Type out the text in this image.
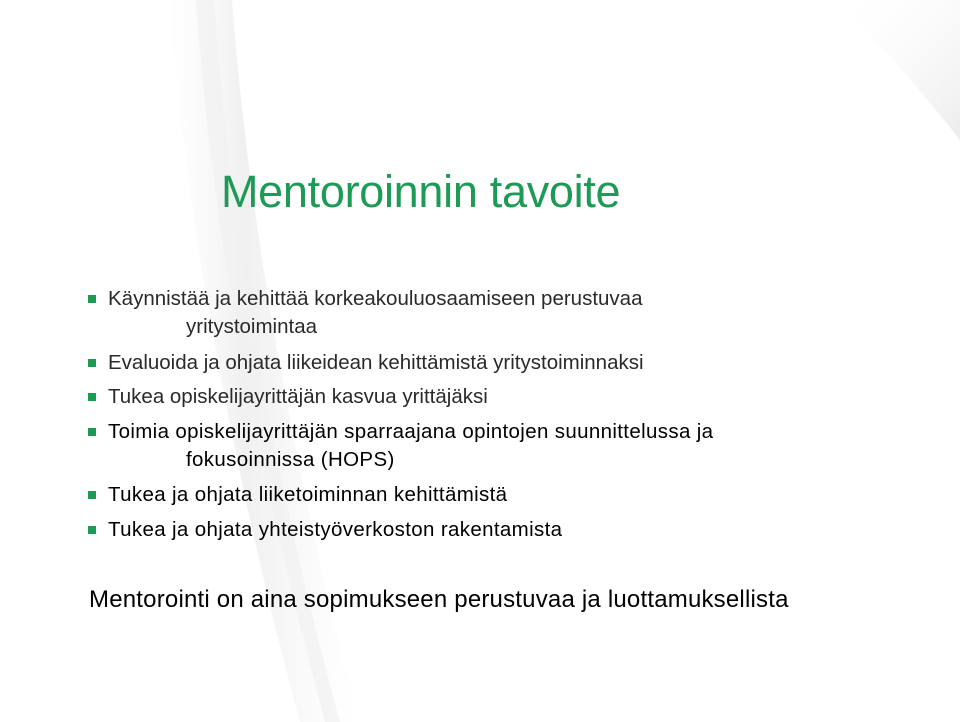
Mentoroinnin tavoite
Käynnistää ja kehittää korkeakouluosaamiseen perustuvaa
yritystoimintaa
Evaluoida ja ohjata liikeidean kehittämistä yritystoiminnaksi
Tukea opiskelijayrittäjän kasvua yrittäjäksi
Toimia opiskelijayrittäjän sparraajana opintojen suunnittelussa ja
fokusoinnissa (HOPS)
Tukea ja ohjata liiketoiminnan kehittämistä
Tukea ja ohjata yhteistyöverkoston rakentamista

Mentorointi on aina sopimukseen perustuvaa ja luottamuksellista
